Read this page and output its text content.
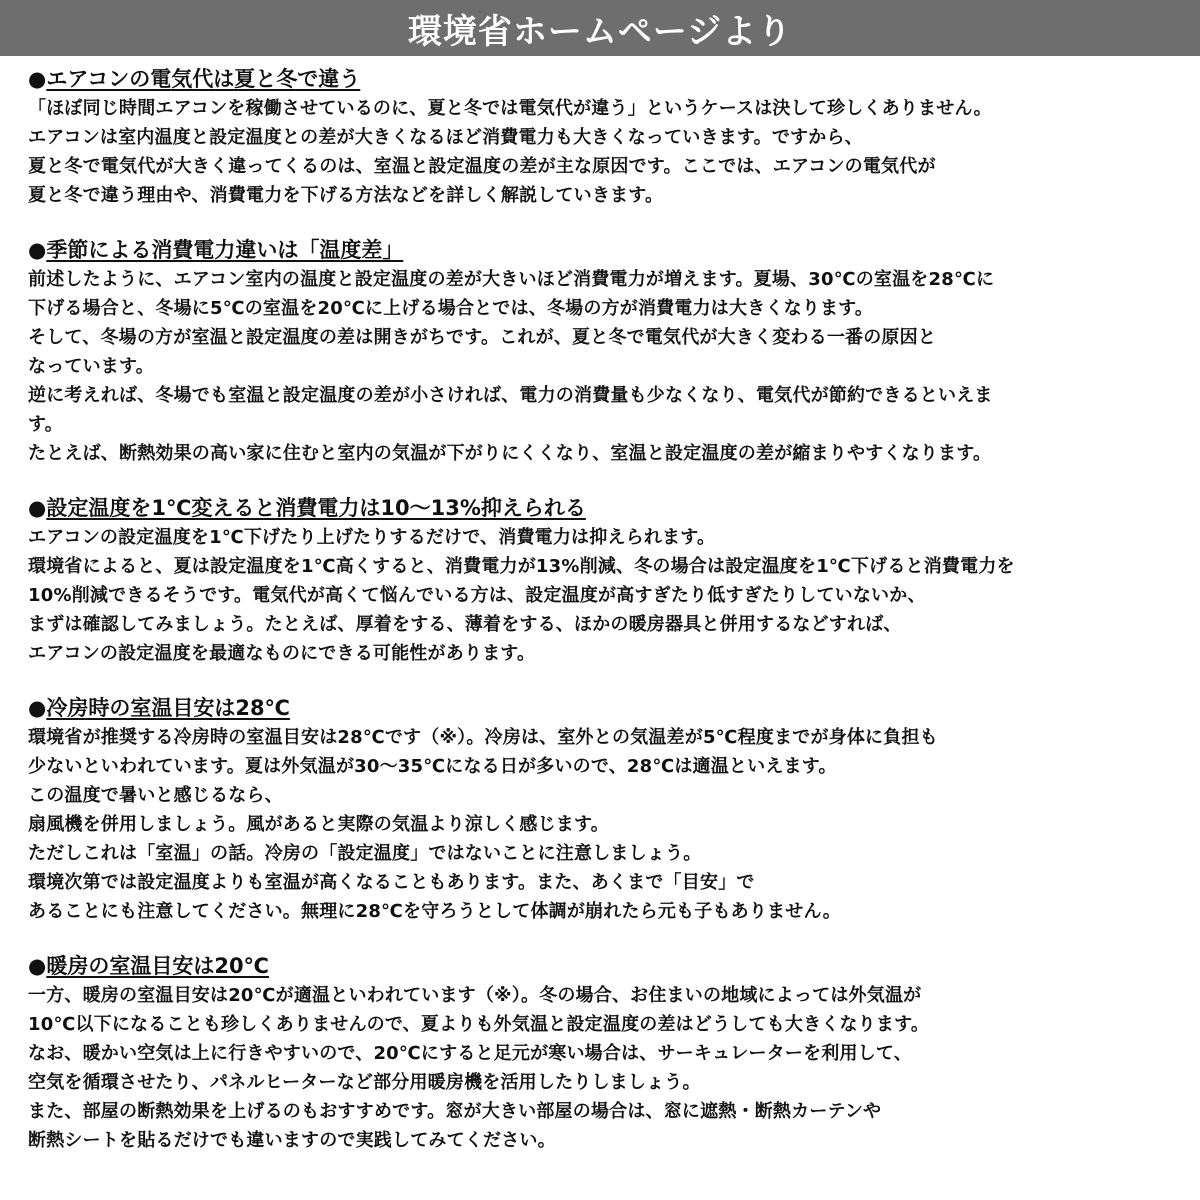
環境省ホームページより
●エアコンの電気代は夏と冬で違う
「ほぼ同じ時間エアコンを稼働させているのに、夏と冬では電気代が違う」というケースは決して珍しくありません。
エアコンは室内温度と設定温度との差が大きくなるほど消費電力も大きくなっていきます。ですから、
夏と冬で電気代が大きく違ってくるのは、室温と設定温度の差が主な原因です。ここでは、エアコンの電気代が
夏と冬で違う理由や、消費電力を下げる方法などを詳しく解説していきます。
●季節による消費電力違いは「温度差」
前述したように、エアコン室内の温度と設定温度の差が大きいほど消費電力が増えます。夏場、30℃の室温を28℃に
下げる場合と、冬場に5℃の室温を20℃に上げる場合とでは、冬場の方が消費電力は大きくなります。
そして、冬場の方が室温と設定温度の差は開きがちです。これが、夏と冬で電気代が大きく変わる一番の原因と
なっています。
逆に考えれば、冬場でも室温と設定温度の差が小さければ、電力の消費量も少なくなり、電気代が節約できるといえま
す。
たとえば、断熱効果の高い家に住むと室内の気温が下がりにくくなり、室温と設定温度の差が縮まりやすくなります。
●設定温度を1℃変えると消費電力は10〜13%抑えられる
エアコンの設定温度を1℃下げたり上げたりするだけで、消費電力は抑えられます。
環境省によると、夏は設定温度を1℃高くすると、消費電力が13%削減、冬の場合は設定温度を1℃下げると消費電力を
10%削減できるそうです。電気代が高くて悩んでいる方は、設定温度が高すぎたり低すぎたりしていないか、
まずは確認してみましょう。たとえば、厚着をする、薄着をする、ほかの暖房器具と併用するなどすれば、
エアコンの設定温度を最適なものにできる可能性があります。
●冷房時の室温目安は28℃
環境省が推奨する冷房時の室温目安は28℃です（※）。冷房は、室外との気温差が5℃程度までが身体に負担も
少ないといわれています。夏は外気温が30〜35℃になる日が多いので、28℃は適温といえます。
この温度で暑いと感じるなら、
扇風機を併用しましょう。風があると実際の気温より涼しく感じます。
ただしこれは「室温」の話。冷房の「設定温度」ではないことに注意しましょう。
環境次第では設定温度よりも室温が高くなることもあります。また、あくまで「目安」で
あることにも注意してください。無理に28℃を守ろうとして体調が崩れたら元も子もありません。
●暖房の室温目安は20℃
一方、暖房の室温目安は20℃が適温といわれています（※）。冬の場合、お住まいの地域によっては外気温が
10℃以下になることも珍しくありませんので、夏よりも外気温と設定温度の差はどうしても大きくなります。
なお、暖かい空気は上に行きやすいので、20℃にすると足元が寒い場合は、サーキュレーターを利用して、
空気を循環させたり、パネルヒーターなど部分用暖房機を活用したりしましょう。
また、部屋の断熱効果を上げるのもおすすめです。窓が大きい部屋の場合は、窓に遮熱・断熱カーテンや
断熱シートを貼るだけでも違いますので実践してみてください。
